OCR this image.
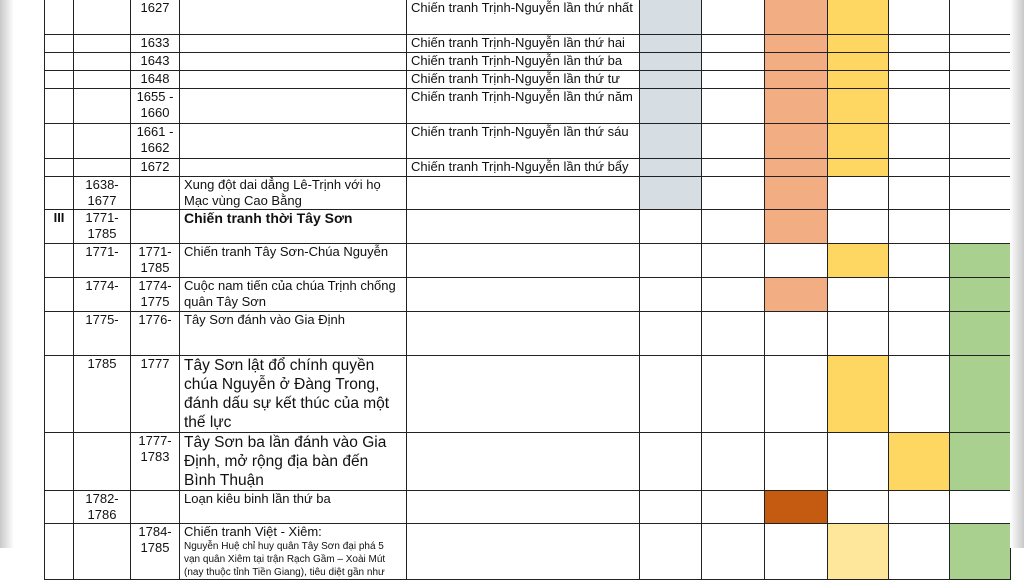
		1627		Chiến tranh Trịnh-Nguyễn lần thứ nhất						
		1633		Chiến tranh Trịnh-Nguyễn lần thứ hai						
		1643		Chiến tranh Trịnh-Nguyễn lần thứ ba						
		1648		Chiến tranh Trịnh-Nguyễn lần thứ tư						
		1655 - 1660		Chiến tranh Trịnh-Nguyễn lần thứ năm						
		1661 - 1662		Chiến tranh Trịnh-Nguyễn lần thứ sáu						
		1672		Chiến tranh Trịnh-Nguyễn lần thứ bẩy						
	1638-1677		Xung đột dai dẳng Lê-Trịnh với họ Mạc vùng Cao Bằng							
III	1771-1785		Chiến tranh thời Tây Sơn							
	1771-	1771-1785	Chiến tranh Tây Sơn-Chúa Nguyễn							
	1774-	1774-1775	Cuộc nam tiến của chúa Trịnh chống quân Tây Sơn							
	1775-	1776-	Tây Sơn đánh vào Gia Định							
	1785	1777	Tây Sơn lật đổ chính quyền chúa Nguyễn ở Đàng Trong, đánh dấu sự kết thúc của một thế lực							
		1777-1783	Tây Sơn ba lần đánh vào Gia Định, mở rộng địa bàn đến Bình Thuận							
	1782-1786		Loạn kiêu binh lần thứ ba							
		1784-1785	Chiến tranh Việt - Xiêm:
Nguyễn Huệ chỉ huy quân Tây Sơn đại phá 5 vạn quân Xiêm tại trận Rạch Gầm – Xoài Mút (nay thuộc tỉnh Tiền Giang), tiêu diệt gần như							
